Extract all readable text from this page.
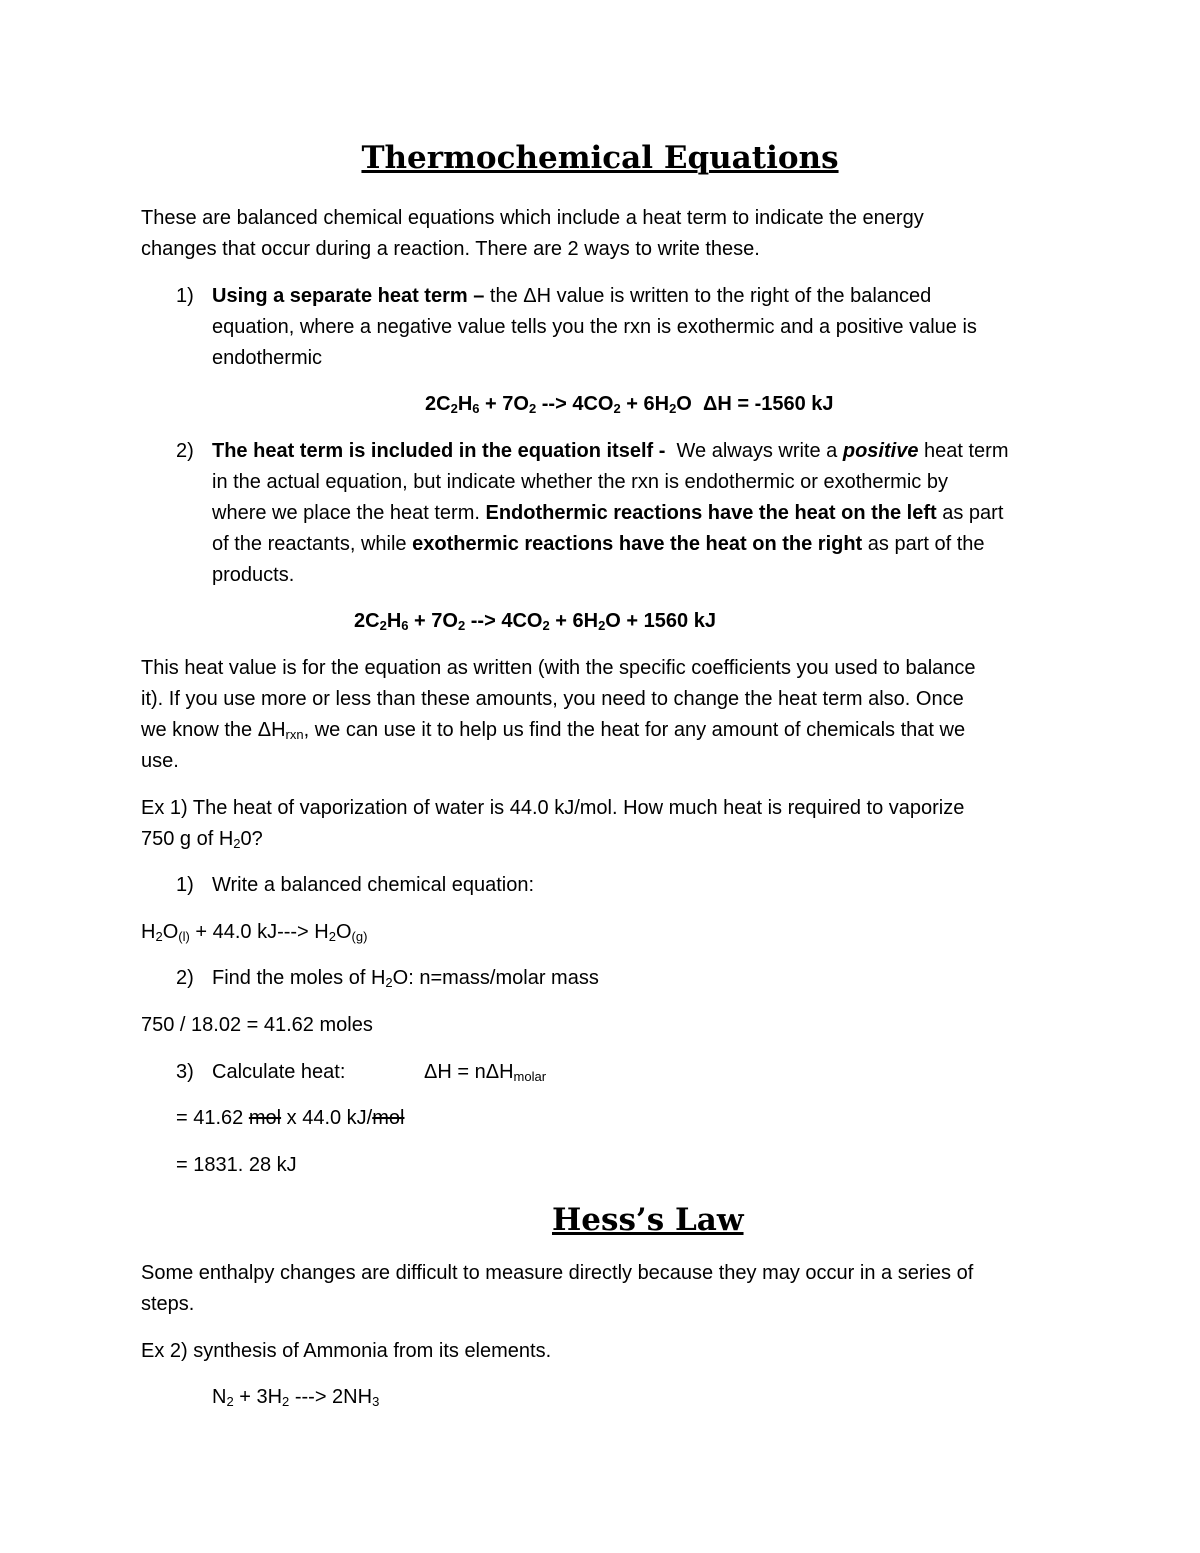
Thermochemical Equations
These are balanced chemical equations which include a heat term to indicate the energy
changes that occur during a reaction. There are 2 ways to write these.
1) Using a separate heat term – the ΔH value is written to the right of the balanced
equation, where a negative value tells you the rxn is exothermic and a positive value is
endothermic
$2C_2H_6 + 7O_2$ --> $4CO_2 + 6H_2O$  ΔH = -1560 kJ
2) The heat term is included in the equation itself -  We always write a positive heat term
in the actual equation, but indicate whether the rxn is endothermic or exothermic by
where we place the heat term. Endothermic reactions have the heat on the left as part
of the reactants, while exothermic reactions have the heat on the right as part of the
products.
$2C_2H_6 + 7O_2$ --> $4CO_2 + 6H_2O + 1560$ kJ
This heat value is for the equation as written (with the specific coefficients you used to balance
it). If you use more or less than these amounts, you need to change the heat term also. Once
we know the $\Delta H_{rxn}$, we can use it to help us find the heat for any amount of chemicals that we
use.
Ex 1) The heat of vaporization of water is 44.0 kJ/mol. How much heat is required to vaporize
750 g of $H_20$?
1) Write a balanced chemical equation:
$H_2O_{(l)} + 44.0$ $kJ---> H_2O_{(g)}$
2) Find the moles of $H_2O$: n=mass/molar mass
750 / 18.02 = 41.62 moles
3) Calculate heat:	ΔH = nΔH$_{molar}$
= 41.62 mol x 44.0 kJ/mol
= 1831. 28 kJ
Hess’s Law
Some enthalpy changes are difficult to measure directly because they may occur in a series of
steps.
Ex 2) synthesis of Ammonia from its elements.
$N_2 + 3H_2$ ---> $2NH_3$
